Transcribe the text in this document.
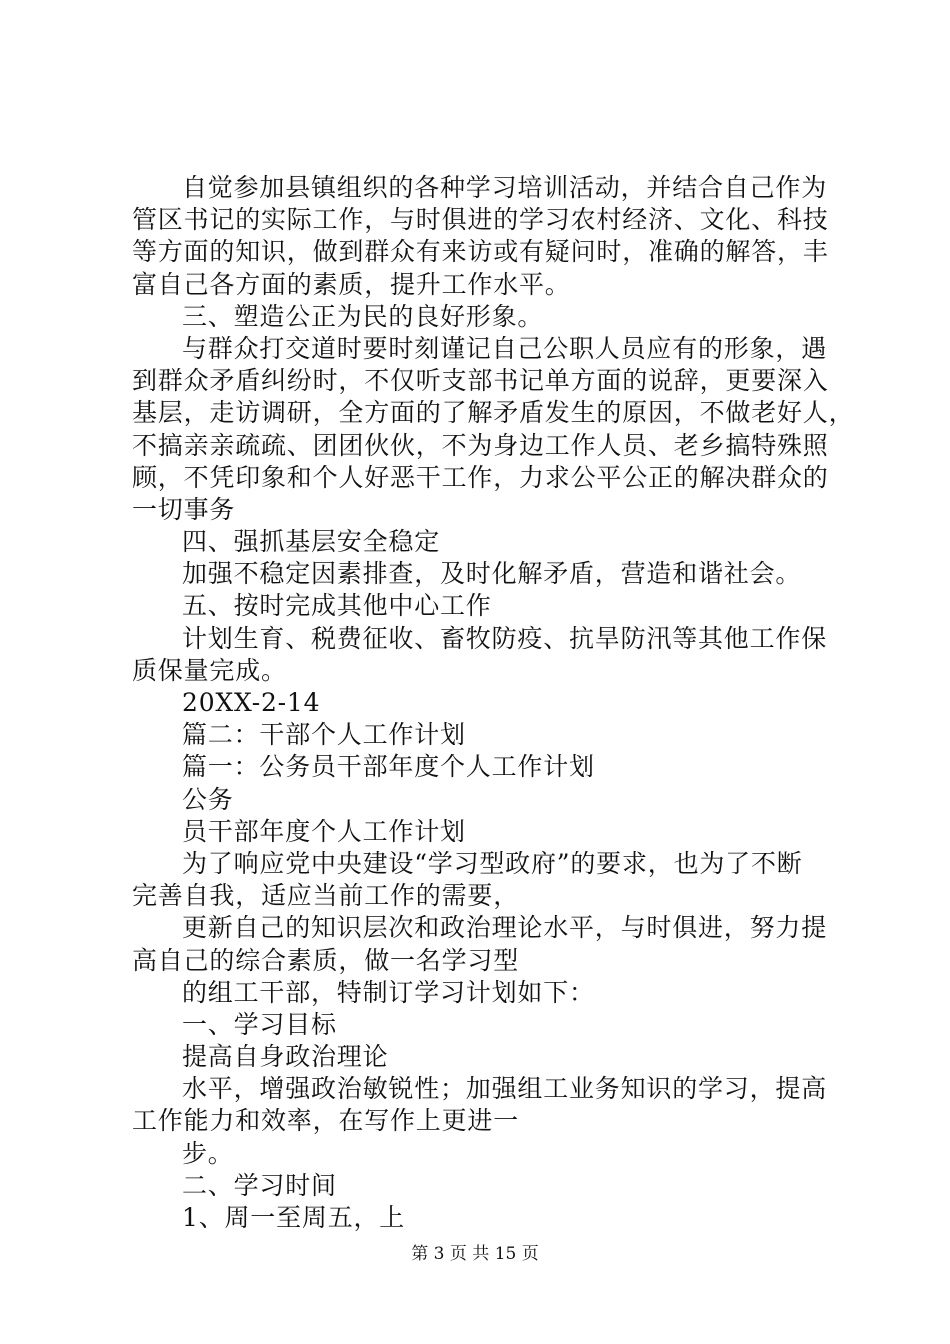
自觉参加县镇组织的各种学习培训活动，并结合自己作为
管区书记的实际工作，与时俱进的学习农村经济、文化、科技
等方面的知识，做到群众有来访或有疑问时，准确的解答，丰
富自己各方面的素质，提升工作水平。
三、塑造公正为民的良好形象。
与群众打交道时要时刻谨记自己公职人员应有的形象，遇
到群众矛盾纠纷时，不仅听支部书记单方面的说辞，更要深入
基层，走访调研，全方面的了解矛盾发生的原因，不做老好人，
不搞亲亲疏疏、团团伙伙，不为身边工作人员、老乡搞特殊照
顾，不凭印象和个人好恶干工作，力求公平公正的解决群众的
一切事务
四、强抓基层安全稳定
加强不稳定因素排查，及时化解矛盾，营造和谐社会。
五、按时完成其他中心工作
计划生育、税费征收、畜牧防疫、抗旱防汛等其他工作保
质保量完成。
20XX-2-14
篇二：干部个人工作计划
篇一：公务员干部年度个人工作计划
公务
员干部年度个人工作计划
为了响应党中央建设“学习型政府”的要求，也为了不断
完善自我，适应当前工作的需要，
更新自己的知识层次和政治理论水平，与时俱进，努力提
高自己的综合素质，做一名学习型
的组工干部，特制订学习计划如下：
一、学习目标
提高自身政治理论
水平，增强政治敏锐性；加强组工业务知识的学习，提高
工作能力和效率，在写作上更进一
步。
二、学习时间
1、周一至周五，上
第 3 页 共 15 页
